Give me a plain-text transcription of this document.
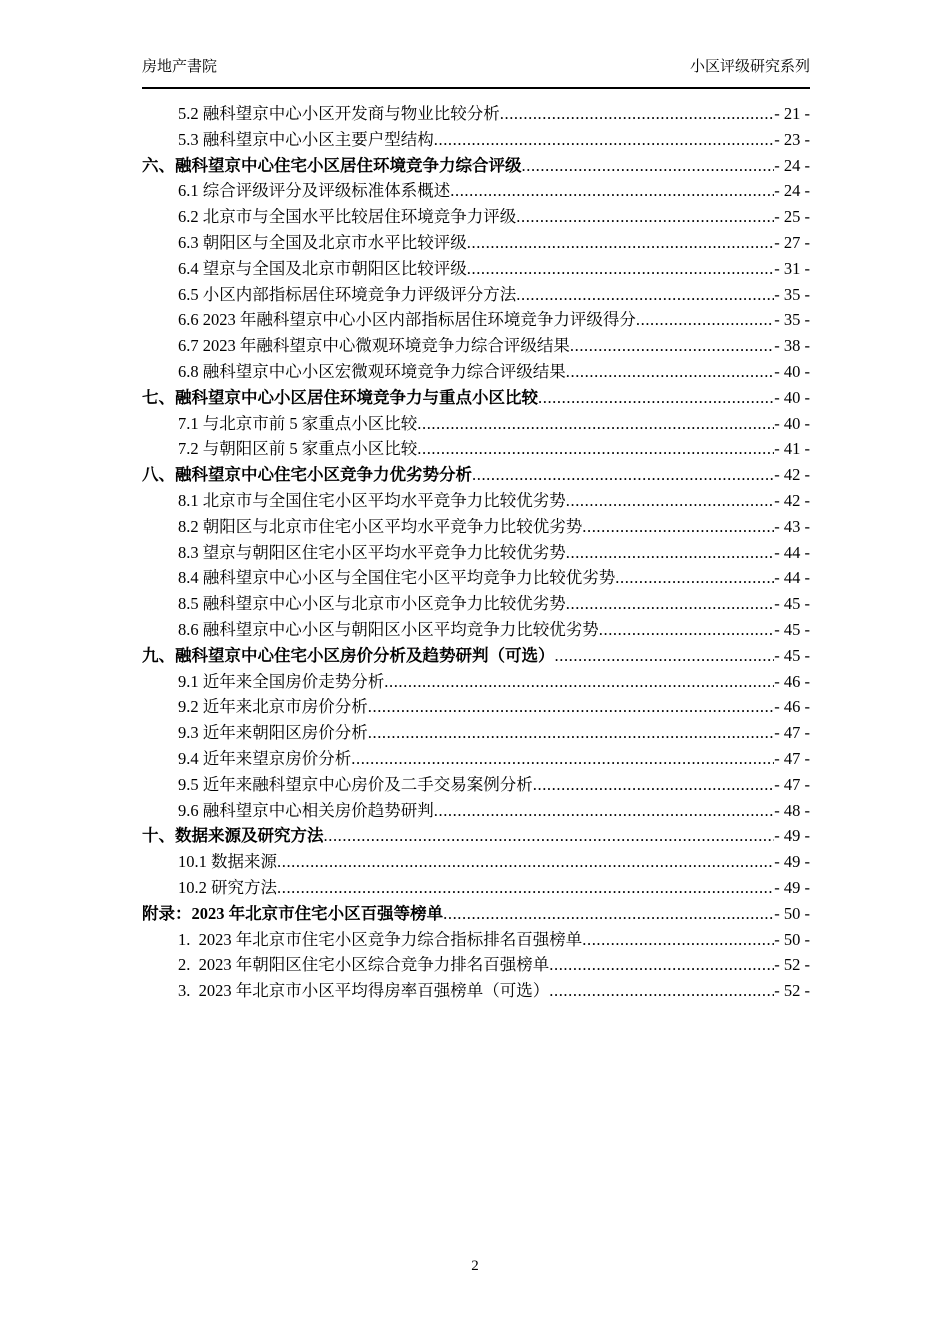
房地产書院	小区评级研究系列
5.2 融科望京中心小区开发商与物业比较分析 .....	- 21 -
5.3 融科望京中心小区主要户型结构 .....	- 23 -
六、融科望京中心住宅小区居住环境竞争力综合评级 .....	- 24 -
6.1 综合评级评分及评级标准体系概述 .....	- 24 -
6.2 北京市与全国水平比较居住环境竞争力评级 .....	- 25 -
6.3 朝阳区与全国及北京市水平比较评级 .....	- 27 -
6.4 望京与全国及北京市朝阳区比较评级 .....	- 31 -
6.5 小区内部指标居住环境竞争力评级评分方法 .....	- 35 -
6.6 2023 年融科望京中心小区内部指标居住环境竞争力评级得分 .....	- 35 -
6.7 2023 年融科望京中心微观环境竞争力综合评级结果 .....	- 38 -
6.8 融科望京中心小区宏微观环境竞争力综合评级结果 .....	- 40 -
七、融科望京中心小区居住环境竞争力与重点小区比较 .....	- 40 -
7.1 与北京市前 5 家重点小区比较 .....	- 40 -
7.2 与朝阳区前 5 家重点小区比较 .....	- 41 -
八、融科望京中心住宅小区竞争力优劣势分析 .....	- 42 -
8.1 北京市与全国住宅小区平均水平竞争力比较优劣势 .....	- 42 -
8.2 朝阳区与北京市住宅小区平均水平竞争力比较优劣势 .....	- 43 -
8.3 望京与朝阳区住宅小区平均水平竞争力比较优劣势 .....	- 44 -
8.4 融科望京中心小区与全国住宅小区平均竞争力比较优劣势 .....	- 44 -
8.5 融科望京中心小区与北京市小区竞争力比较优劣势 .....	- 45 -
8.6 融科望京中心小区与朝阳区小区平均竞争力比较优劣势 .....	- 45 -
九、融科望京中心住宅小区房价分析及趋势研判（可选） .....	- 45 -
9.1 近年来全国房价走势分析 .....	- 46 -
9.2 近年来北京市房价分析 .....	- 46 -
9.3 近年来朝阳区房价分析 .....	- 47 -
9.4 近年来望京房价分析 .....	- 47 -
9.5 近年来融科望京中心房价及二手交易案例分析 .....	- 47 -
9.6 融科望京中心相关房价趋势研判 .....	- 48 -
十、数据来源及研究方法 .....	- 49 -
10.1 数据来源 .....	- 49 -
10.2 研究方法 .....	- 49 -
附录：2023 年北京市住宅小区百强等榜单 .....	- 50 -
1.  2023 年北京市住宅小区竞争力综合指标排名百强榜单 .....	- 50 -
2.  2023 年朝阳区住宅小区综合竞争力排名百强榜单 .....	- 52 -
3.  2023 年北京市小区平均得房率百强榜单（可选） .....	- 52 -
2
